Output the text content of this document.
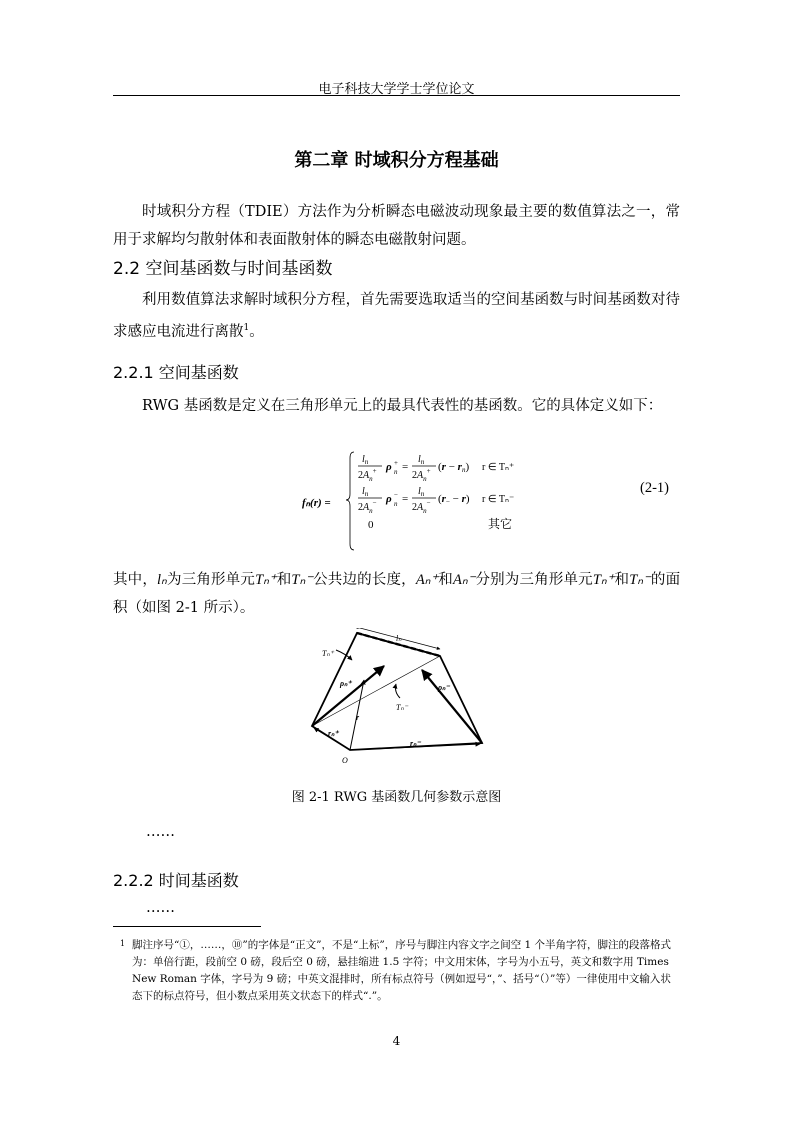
电子科技大学学士学位论文
第二章 时域积分方程基础
时域积分方程（TDIE）方法作为分析瞬态电磁波动现象最主要的数值算法之一，常用于求解均匀散射体和表面散射体的瞬态电磁散射问题。
2.2 空间基函数与时间基函数
利用数值算法求解时域积分方程，首先需要选取适当的空间基函数与时间基函数对待求感应电流进行离散$^1$。
2.2.1 空间基函数
RWG 基函数是定义在三角形单元上的最具代表性的基函数。它的具体定义如下：
fₙ(r) =
$l_n$
$2A_n^+$ ρ n
+ =
$l_n$
$2A_n^+$ (r − rn) r ∈ Tₙ⁺
$l_n$
$2A_n^-$ ρ n
− =
$l_n$
$2A_n^-$ (r− − r) r ∈ Tₙ⁻
0	其它
(2-1)
其中，lₙ为三角形单元Tₙ⁺和Tₙ⁻公共边的长度，Aₙ⁺和Aₙ⁻分别为三角形单元Tₙ⁺和Tₙ⁻的面积（如图 2-1 所示）。
lₙ
Tₙ⁺
Tₙ⁻
ρₙ⁺	ρₙ⁻
r
rₙ⁺
rₙ⁻
O
图 2-1 RWG 基函数几何参数示意图
……
2.2.2 时间基函数
……
1 脚注序号“①，……，⑩”的字体是“正文”，不是“上标”，序号与脚注内容文字之间空 1 个半角字符，脚注的段落格式为：单倍行距，段前空 0 磅，段后空 0 磅，悬挂缩进 1.5 字符；中文用宋体，字号为小五号，英文和数字用 Times New Roman 字体，字号为 9 磅；中英文混排时，所有标点符号（例如逗号“，”、括号“（）”等）一律使用中文输入状态下的标点符号，但小数点采用英文状态下的样式“.”。
4
